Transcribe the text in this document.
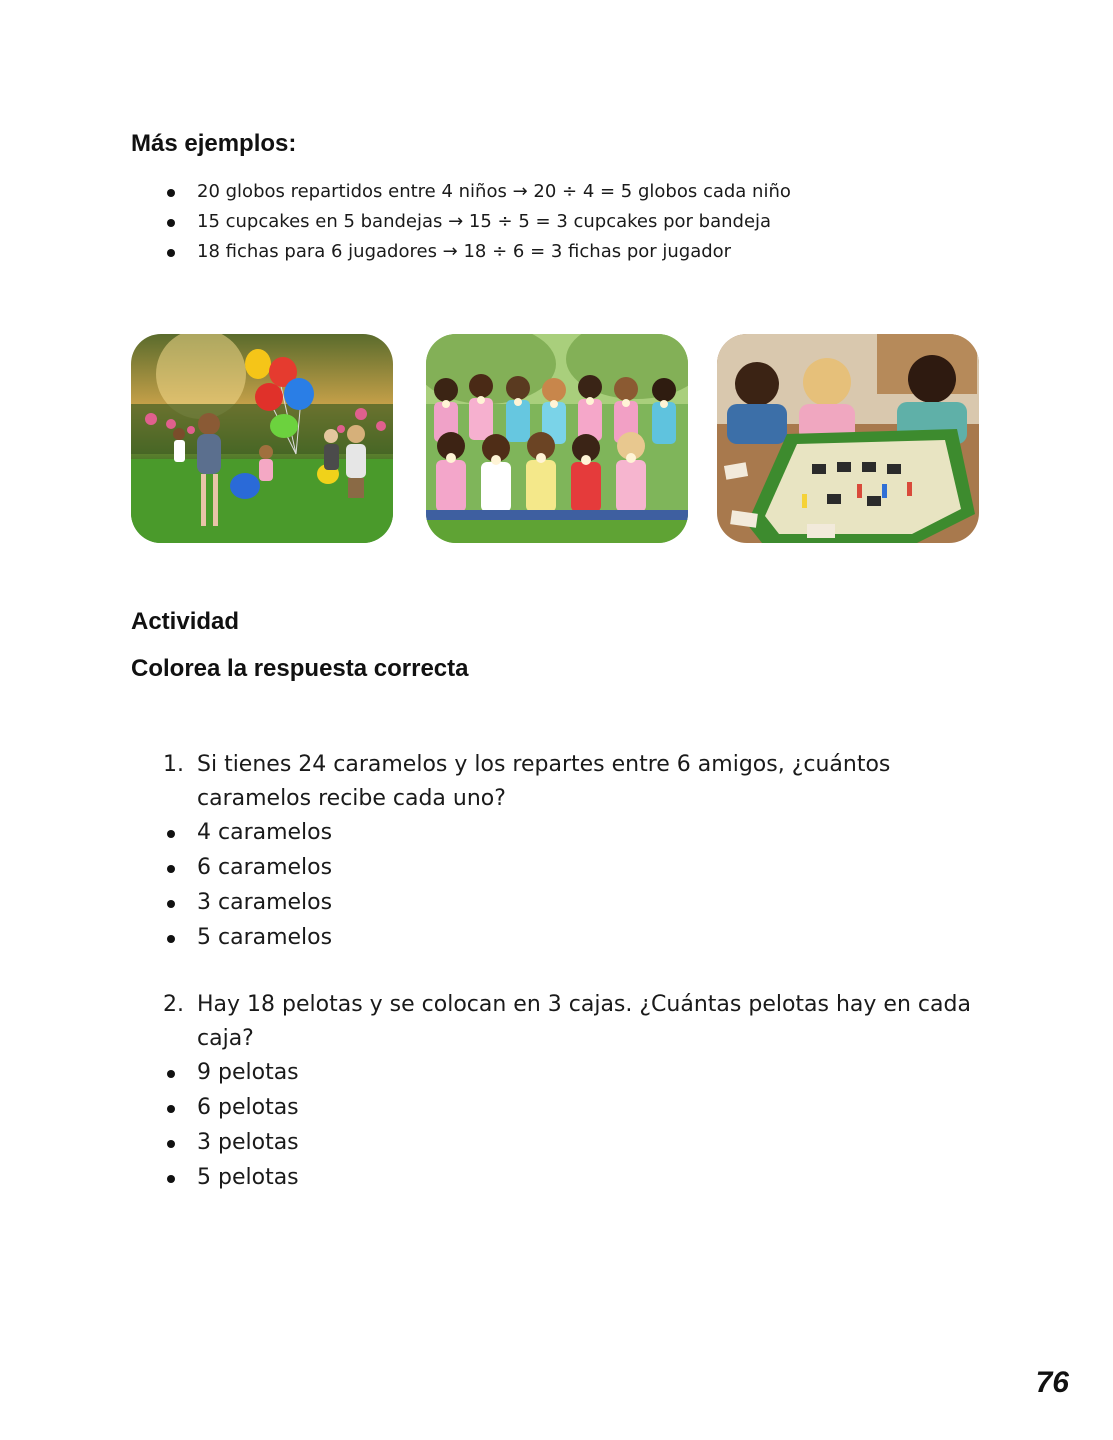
Más ejemplos:
20 globos repartidos entre 4 niños → 20 ÷ 4 = 5 globos cada niño
15 cupcakes en 5 bandejas → 15 ÷ 5 = 3 cupcakes por bandeja
18 fichas para 6 jugadores → 18 ÷ 6 = 3 fichas por jugador
Actividad
Colorea la respuesta correcta
1. Si tienes 24 caramelos y los repartes entre 6 amigos, ¿cuántos caramelos recibe cada uno?
4 caramelos
6 caramelos
3 caramelos
5 caramelos
2. Hay 18 pelotas y se colocan en 3 cajas. ¿Cuántas pelotas hay en cada caja?
9 pelotas
6 pelotas
3 pelotas
5 pelotas
76
